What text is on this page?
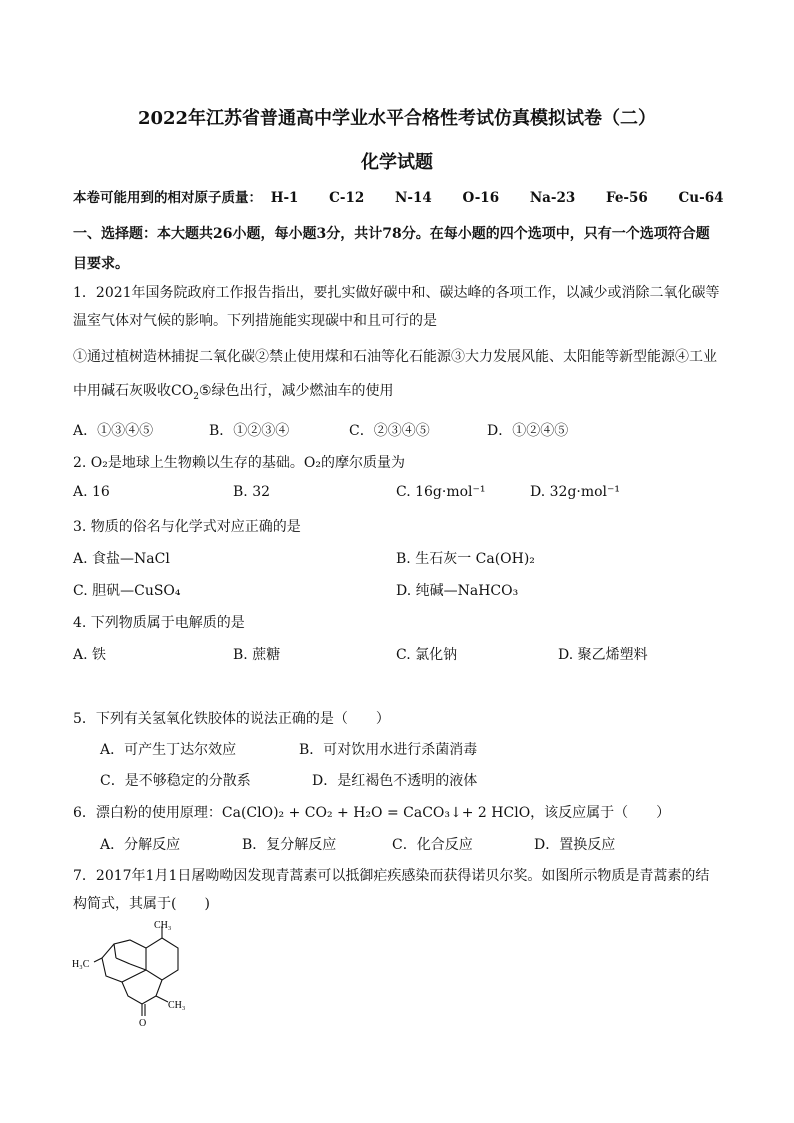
2022年江苏省普通高中学业水平合格性考试仿真模拟试卷（二）
化学试题
本卷可能用到的相对原子质量： H-1 C-12 N-14 O-16 Na-23 Fe-56 Cu-64
一、选择题：本大题共26小题，每小题3分，共计78分。在每小题的四个选项中，只有一个选项符合题目要求。
1．2021年国务院政府工作报告指出，要扎实做好碳中和、碳达峰的各项工作，以减少或消除二氧化碳等温室气体对气候的影响。下列措施能实现碳中和且可行的是
①通过植树造林捕捉二氧化碳②禁止使用煤和石油等化石能源③大力发展风能、太阳能等新型能源④工业
中用碱石灰吸收$CO_2⑤$绿色出行，减少燃油车的使用
A．①③④⑤	B．①②③④	C．②③④⑤	D．①②④⑤
2. O₂是地球上生物赖以生存的基础。O₂的摩尔质量为
A. 16	B. 32	C. 16g·mol⁻¹	D. 32g·mol⁻¹
3. 物质的俗名与化学式对应正确的是
A. 食盐—NaCl	B. 生石灰一 Ca(OH)₂
C. 胆矾—CuSO₄	D. 纯碱—NaHCO₃
4. 下列物质属于电解质的是
A. 铁	B. 蔗糖	C. 氯化钠	D. 聚乙烯塑料
5．下列有关氢氧化铁胶体的说法正确的是（　　）
A．可产生丁达尔效应	B．可对饮用水进行杀菌消毒
C．是不够稳定的分散系	D．是红褐色不透明的液体
6．漂白粉的使用原理：Ca(ClO)₂ + CO₂ + H₂O = CaCO₃↓+ 2 HClO，该反应属于（　　）
A．分解反应	B．复分解反应	C．化合反应	D．置换反应
7．2017年1月1日屠呦呦因发现青蒿素可以抵御疟疾感染而获得诺贝尔奖。如图所示物质是青蒿素的结构简式，其属于(　　)
CH₃
H₃C
CH₃
O
